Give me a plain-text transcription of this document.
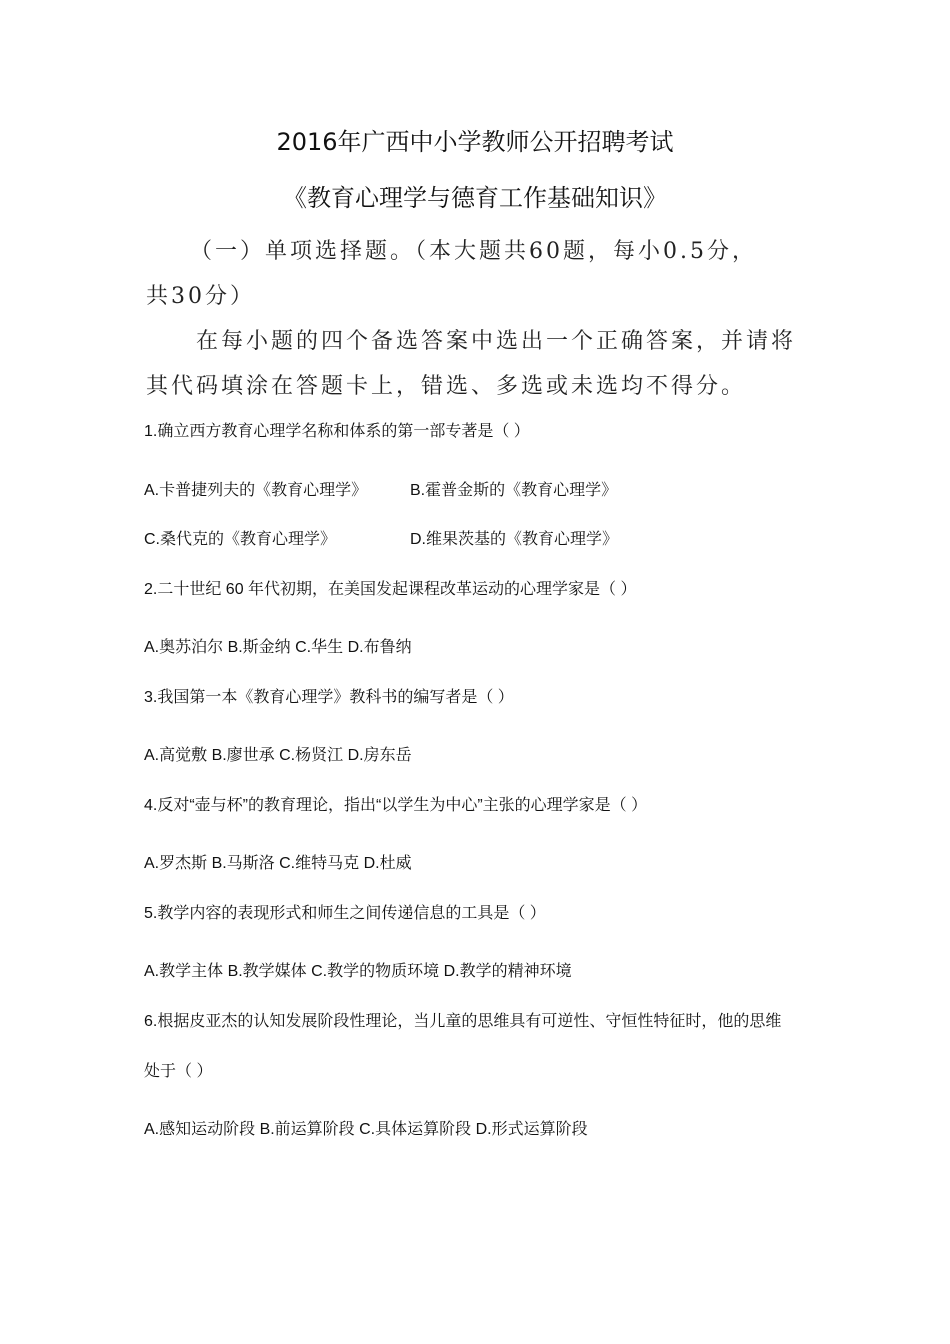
2016年广西中小学教师公开招聘考试
《教育心理学与德育工作基础知识》
（一）单项选择题。（本大题共60题，每小0.5分，
共30分）
在每小题的四个备选答案中选出一个正确答案，并请将
其代码填涂在答题卡上，错选、多选或未选均不得分。
1.确立西方教育心理学名称和体系的第一部专著是（ ）
A.卡普捷列夫的《教育心理学》	B.霍普金斯的《教育心理学》
C.桑代克的《教育心理学》	D.维果茨基的《教育心理学》
2.二十世纪 60 年代初期，在美国发起课程改革运动的心理学家是（ ）
A.奥苏泊尔 B.斯金纳 C.华生 D.布鲁纳
3.我国第一本《教育心理学》教科书的编写者是（ ）
A.高觉敷 B.廖世承 C.杨贤江 D.房东岳
4.反对“壶与杯”的教育理论，指出“以学生为中心”主张的心理学家是（ ）
A.罗杰斯 B.马斯洛 C.维特马克 D.杜威
5.教学内容的表现形式和师生之间传递信息的工具是（ ）
A.教学主体 B.教学媒体 C.教学的物质环境 D.教学的精神环境
6.根据皮亚杰的认知发展阶段性理论，当儿童的思维具有可逆性、守恒性特征时，他的思维
处于（ ）
A.感知运动阶段 B.前运算阶段 C.具体运算阶段 D.形式运算阶段
